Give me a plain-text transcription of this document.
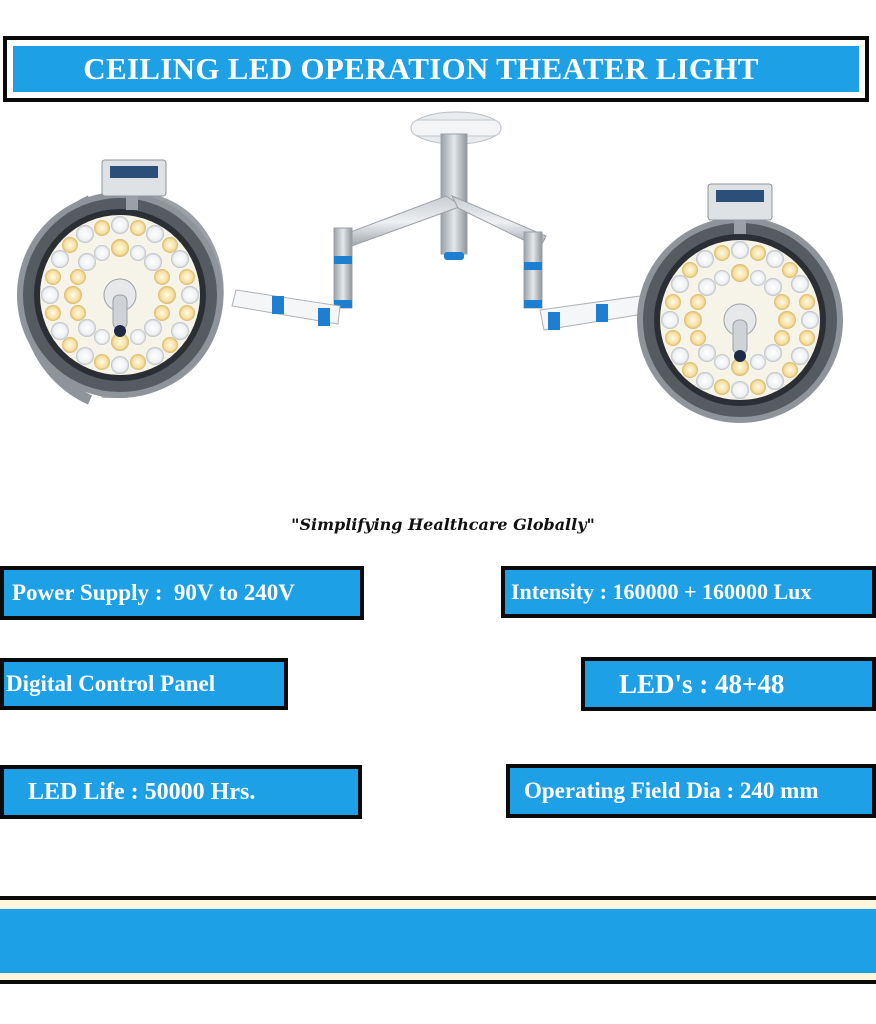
CEILING LED OPERATION THEATER LIGHT
"Simplifying Healthcare Globally"
Power Supply :  90V to 240V	Intensity : 160000 + 160000 Lux
Digital Control Panel	LED's : 48+48
LED Life : 50000 Hrs.	Operating Field Dia : 240 mm
